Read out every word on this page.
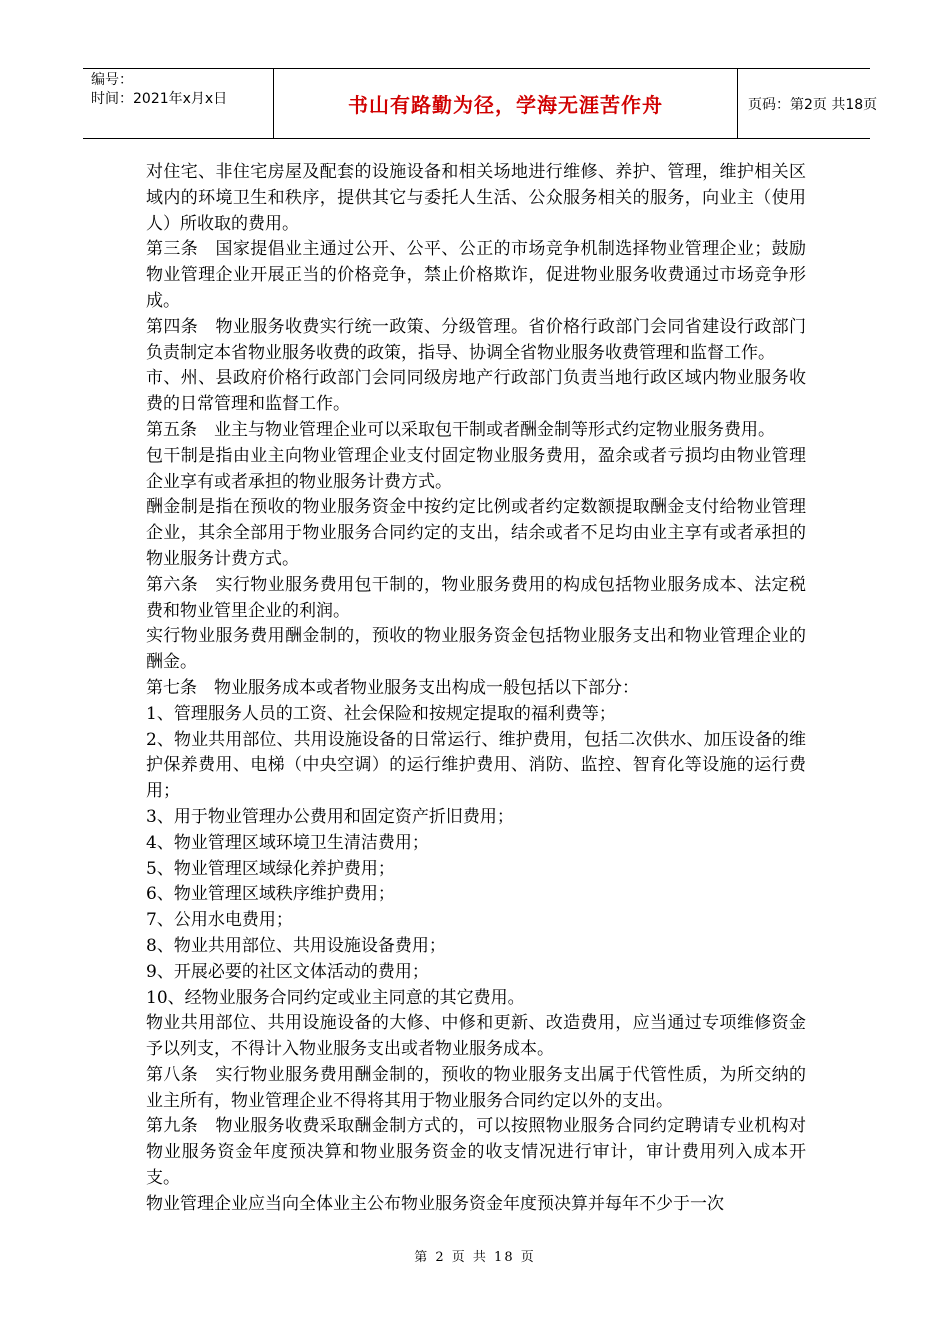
编号：
时间：2021年x月x日	书山有路勤为径，学海无涯苦作舟	页码：第2页 共18页

对住宅、非住宅房屋及配套的设施设备和相关场地进行维修、养护、管理，维护相关区域内的环境卫生和秩序，提供其它与委托人生活、公众服务相关的服务，向业主（使用人）所收取的费用。

第三条　国家提倡业主通过公开、公平、公正的市场竞争机制选择物业管理企业；鼓励物业管理企业开展正当的价格竞争，禁止价格欺诈，促进物业服务收费通过市场竞争形成。

第四条　物业服务收费实行统一政策、分级管理。省价格行政部门会同省建设行政部门负责制定本省物业服务收费的政策，指导、协调全省物业服务收费管理和监督工作。

市、州、县政府价格行政部门会同同级房地产行政部门负责当地行政区域内物业服务收费的日常管理和监督工作。

第五条　业主与物业管理企业可以采取包干制或者酬金制等形式约定物业服务费用。

包干制是指由业主向物业管理企业支付固定物业服务费用，盈余或者亏损均由物业管理企业享有或者承担的物业服务计费方式。

酬金制是指在预收的物业服务资金中按约定比例或者约定数额提取酬金支付给物业管理企业，其余全部用于物业服务合同约定的支出，结余或者不足均由业主享有或者承担的物业服务计费方式。

第六条　实行物业服务费用包干制的，物业服务费用的构成包括物业服务成本、法定税费和物业管里企业的利润。

实行物业服务费用酬金制的，预收的物业服务资金包括物业服务支出和物业管理企业的酬金。

第七条　物业服务成本或者物业服务支出构成一般包括以下部分：

1、管理服务人员的工资、社会保险和按规定提取的福利费等；

2、物业共用部位、共用设施设备的日常运行、维护费用，包括二次供水、加压设备的维护保养费用、电梯（中央空调）的运行维护费用、消防、监控、智育化等设施的运行费用；

3、用于物业管理办公费用和固定资产折旧费用；

4、物业管理区域环境卫生清洁费用；

5、物业管理区域绿化养护费用；

6、物业管理区域秩序维护费用；

7、公用水电费用；

8、物业共用部位、共用设施设备费用；

9、开展必要的社区文体活动的费用；

10、经物业服务合同约定或业主同意的其它费用。

物业共用部位、共用设施设备的大修、中修和更新、改造费用，应当通过专项维修资金予以列支，不得计入物业服务支出或者物业服务成本。

第八条　实行物业服务费用酬金制的，预收的物业服务支出属于代管性质，为所交纳的业主所有，物业管理企业不得将其用于物业服务合同约定以外的支出。

第九条　物业服务收费采取酬金制方式的，可以按照物业服务合同约定聘请专业机构对物业服务资金年度预决算和物业服务资金的收支情况进行审计，审计费用列入成本开支。

物业管理企业应当向全体业主公布物业服务资金年度预决算并每年不少于一次

第 2 页 共 18 页
